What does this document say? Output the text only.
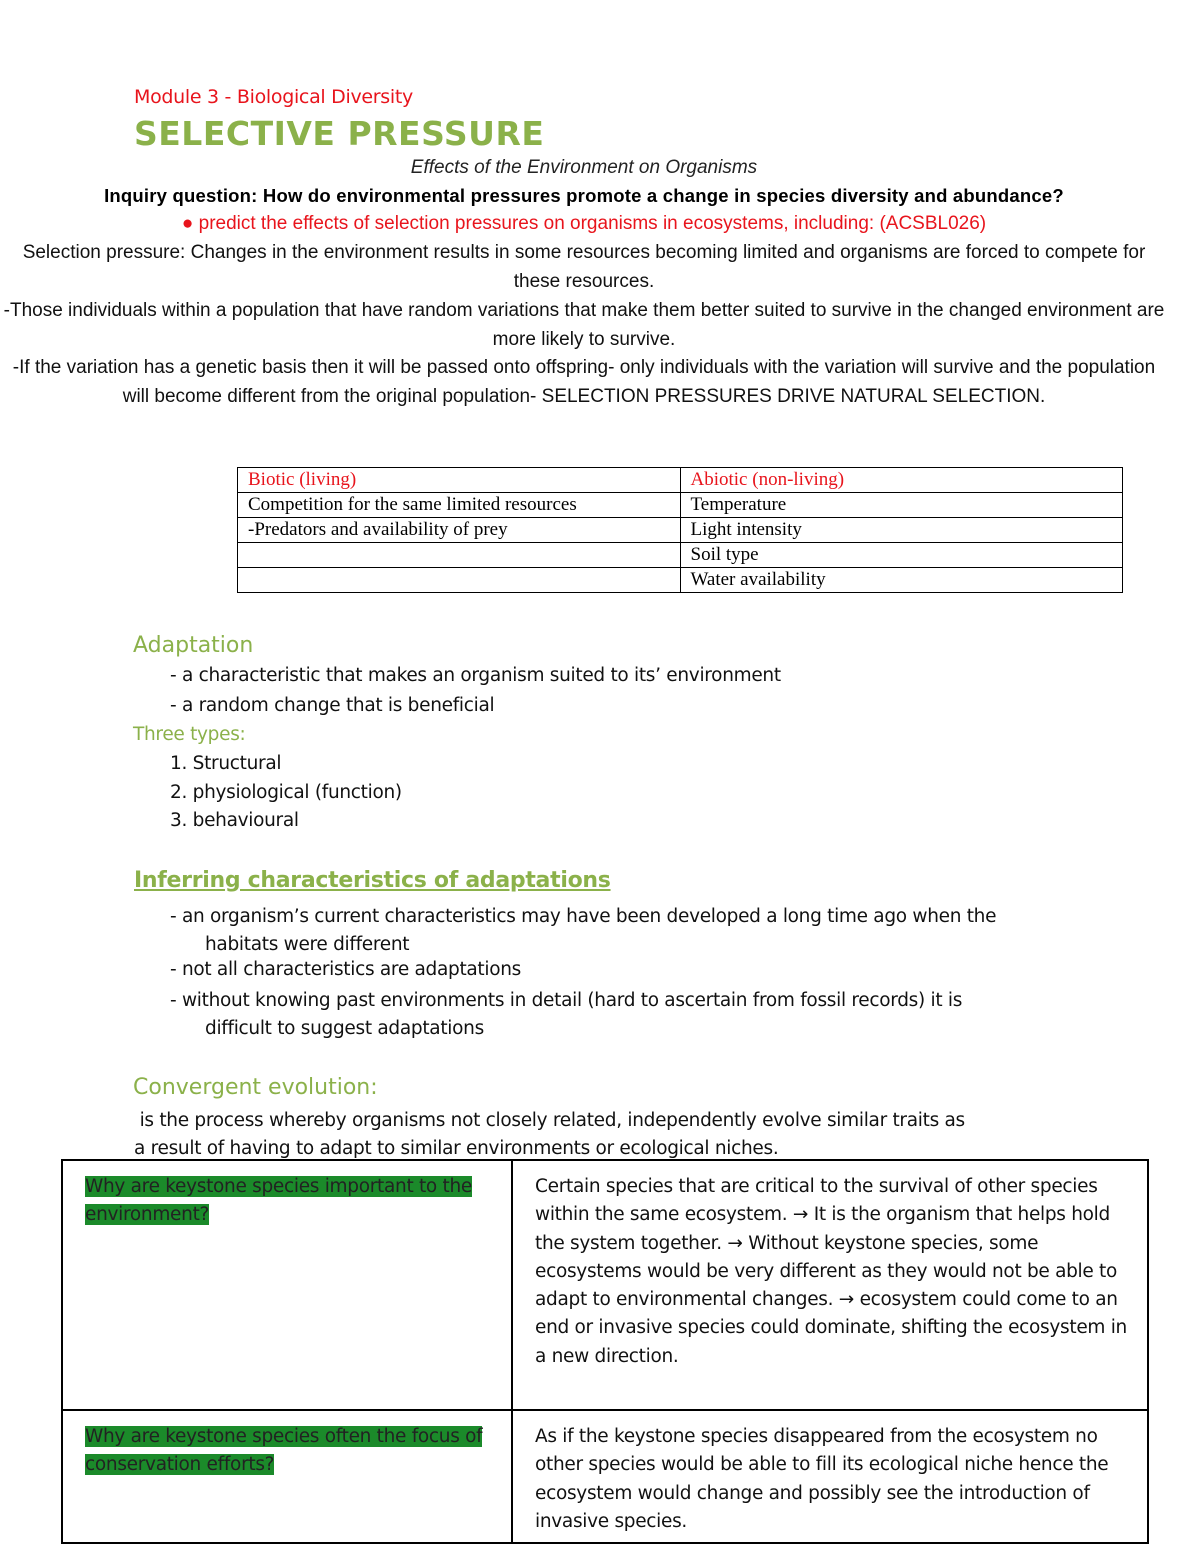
Module 3 - Biological Diversity
SELECTIVE PRESSURE
Effects of the Environment on Organisms
Inquiry question: How do environmental pressures promote a change in species diversity and abundance?
● predict the effects of selection pressures on organisms in ecosystems, including: (ACSBL026)
Selection pressure: Changes in the environment results in some resources becoming limited and organisms are forced to compete for these resources.
-Those individuals within a population that have random variations that make them better suited to survive in the changed environment are more likely to survive.
-If the variation has a genetic basis then it will be passed onto offspring- only individuals with the variation will survive and the population will become different from the original population- SELECTION PRESSURES DRIVE NATURAL SELECTION.
Biotic (living)	Abiotic (non-living)
Competition for the same limited resources	Temperature
-Predators and availability of prey	Light intensity
	Soil type
	Water availability
Adaptation
- a characteristic that makes an organism suited to its’ environment
- a random change that is beneficial
Three types:
1. Structural
2. physiological (function)
3. behavioural
Inferring characteristics of adaptations
- an organism’s current characteristics may have been developed a long time ago when the
habitats were different
- not all characteristics are adaptations
- without knowing past environments in detail (hard to ascertain from fossil records) it is
difficult to suggest adaptations
Convergent evolution:
is the process whereby organisms not closely related, independently evolve similar traits as
a result of having to adapt to similar environments or ecological niches.
Why are keystone species important to the environment?
Certain species that are critical to the survival of other species within the same ecosystem. → It is the organism that helps hold the system together. → Without keystone species, some ecosystems would be very different as they would not be able to adapt to environmental changes. → ecosystem could come to an end or invasive species could dominate, shifting the ecosystem in a new direction.
Why are keystone species often the focus of conservation efforts?
As if the keystone species disappeared from the ecosystem no other species would be able to fill its ecological niche hence the ecosystem would change and possibly see the introduction of invasive species.
